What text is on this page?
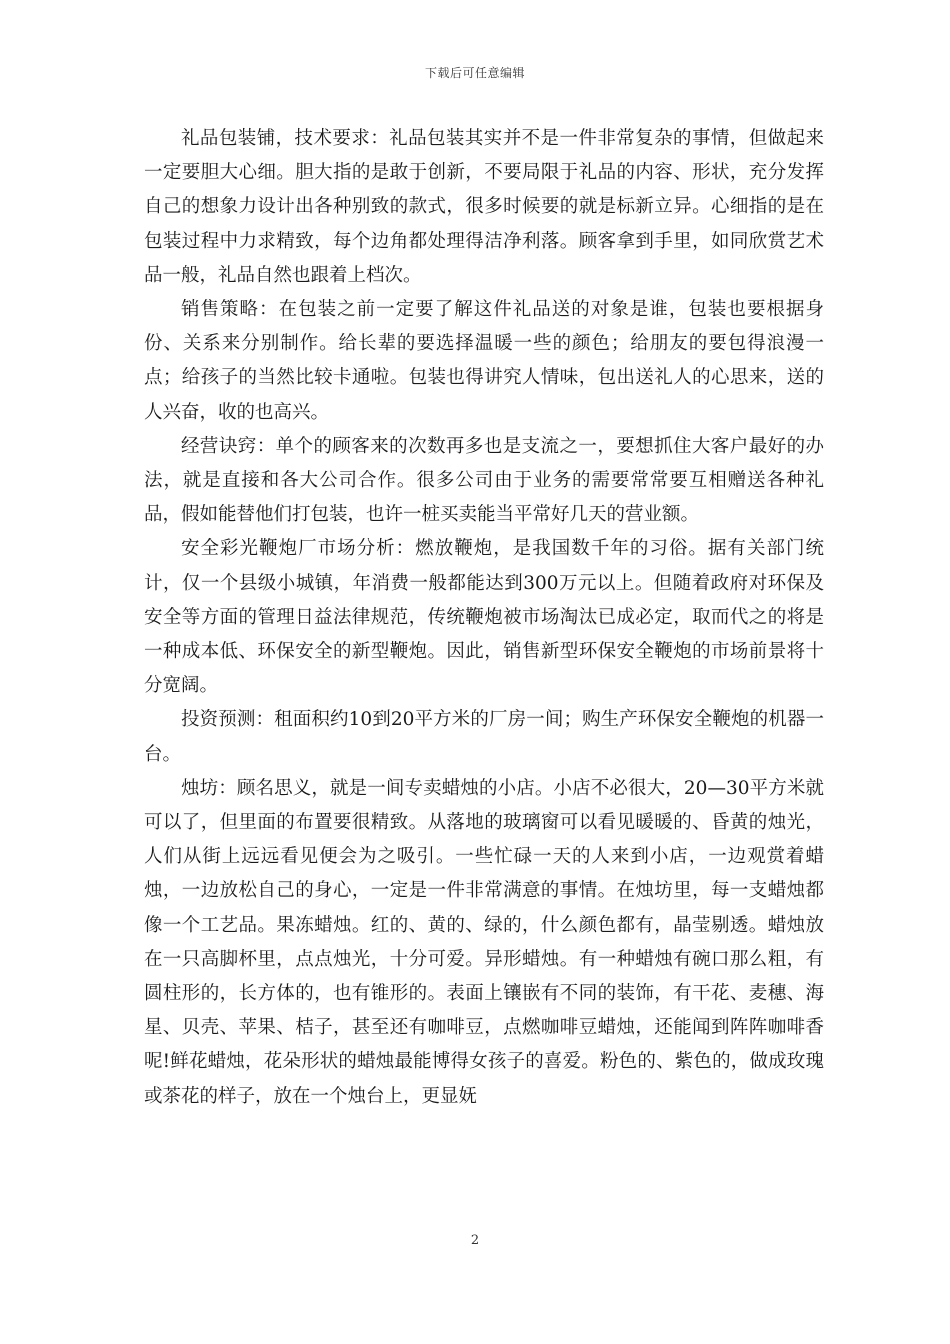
下载后可任意编辑

礼品包装铺，技术要求：礼品包装其实并不是一件非常复杂的事情，但做起来一定要胆大心细。胆大指的是敢于创新，不要局限于礼品的内容、形状，充分发挥自己的想象力设计出各种别致的款式，很多时候要的就是标新立异。心细指的是在包装过程中力求精致，每个边角都处理得洁净利落。顾客拿到手里，如同欣赏艺术品一般，礼品自然也跟着上档次。

销售策略：在包装之前一定要了解这件礼品送的对象是谁，包装也要根据身份、关系来分别制作。给长辈的要选择温暖一些的颜色；给朋友的要包得浪漫一点；给孩子的当然比较卡通啦。包装也得讲究人情味，包出送礼人的心思来，送的人兴奋，收的也高兴。

经营诀窍：单个的顾客来的次数再多也是支流之一，要想抓住大客户最好的办法，就是直接和各大公司合作。很多公司由于业务的需要常常要互相赠送各种礼品，假如能替他们打包装，也许一桩买卖能当平常好几天的营业额。

安全彩光鞭炮厂市场分析：燃放鞭炮，是我国数千年的习俗。据有关部门统计，仅一个县级小城镇，年消费一般都能达到300万元以上。但随着政府对环保及安全等方面的管理日益法律规范，传统鞭炮被市场淘汰已成必定，取而代之的将是一种成本低、环保安全的新型鞭炮。因此，销售新型环保安全鞭炮的市场前景将十分宽阔。

投资预测：租面积约10到20平方米的厂房一间；购生产环保安全鞭炮的机器一台。

烛坊：顾名思义，就是一间专卖蜡烛的小店。小店不必很大，20—30平方米就可以了，但里面的布置要很精致。从落地的玻璃窗可以看见暖暖的、昏黄的烛光，人们从街上远远看见便会为之吸引。一些忙碌一天的人来到小店，一边观赏着蜡烛，一边放松自己的身心，一定是一件非常满意的事情。在烛坊里，每一支蜡烛都像一个工艺品。果冻蜡烛。红的、黄的、绿的，什么颜色都有，晶莹剔透。蜡烛放在一只高脚杯里，点点烛光，十分可爱。异形蜡烛。有一种蜡烛有碗口那么粗，有圆柱形的，长方体的，也有锥形的。表面上镶嵌有不同的装饰，有干花、麦穗、海星、贝壳、苹果、桔子，甚至还有咖啡豆，点燃咖啡豆蜡烛，还能闻到阵阵咖啡香呢!鲜花蜡烛，花朵形状的蜡烛最能博得女孩子的喜爱。粉色的、紫色的，做成玫瑰或茶花的样子，放在一个烛台上，更显妩

2
